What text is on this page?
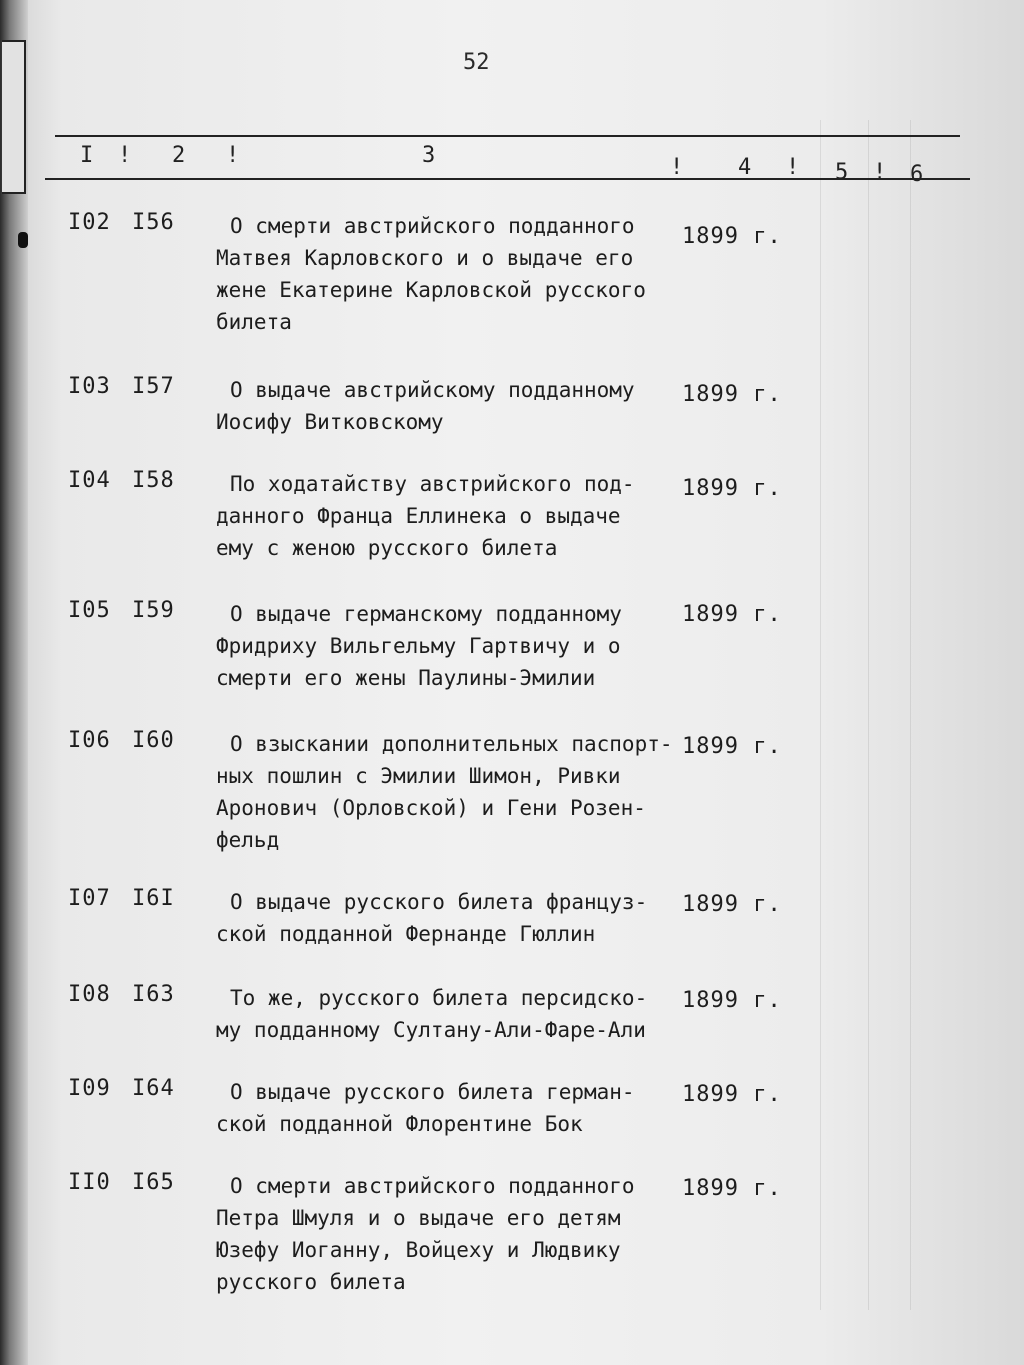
52
I ! 2 !	3	! 4 ! 5 ! 6
I02 I56	О смерти австрийского подданного
Матвея Карловского и о выдаче его
жене Екатерине Карловской русского
билета
1899 г.
I03 I57	О выдаче австрийскому подданному
Иосифу Витковскому
1899 г.
I04 I58	По ходатайству австрийского под-
данного Франца Еллинека о выдаче
ему с женою русского билета
1899 г.
I05 I59	О выдаче германскому подданному
Фридриху Вильгельму Гартвичу и о
смерти его жены Паулины-Эмилии
1899 г.
I06 I60	О взыскании дополнительных паспорт-
ных пошлин с Эмилии Шимон, Ривки
Аронович (Орловской) и Гени Розен-
фельд
1899 г.
I07 I6I	О выдаче русского билета француз-
ской подданной Фернанде Гюллин
1899 г.
I08 I63	То же, русского билета персидско-
му подданному Султану-Али-Фаре-Али
1899 г.
I09 I64	О выдаче русского билета герман-
ской подданной Флорентине Бок
1899 г.
II0 I65	О смерти австрийского подданного
Петра Шмуля и о выдаче его детям
Юзефу Иоганну, Войцеху и Людвику
русского билета
1899 г.
